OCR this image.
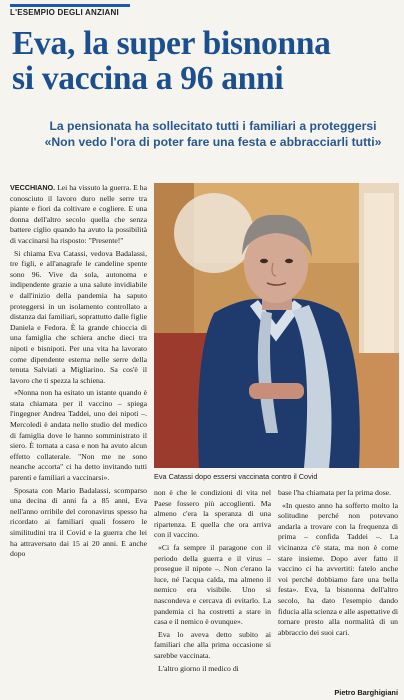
L'ESEMPIO DEGLI ANZIANI
Eva, la super bisnonna
si vaccina a 96 anni
La pensionata ha sollecitato tutti i familiari a proteggersi
«Non vedo l'ora di poter fare una festa e abbracciarli tutti»

VECCHIANO. Lei ha vissuto la guerra. E ha conosciuto il lavoro duro nelle serre tra piante e fiori da coltivare e cogliere. E una donna dell'altro secolo quella che senza battere ciglio quando ha avuto la possibilità di vaccinarsi ha risposto: "Presente!"

Si chiama Eva Catassi, vedova Badalassi, tre figli, e all'anagrafe le candeline spente sono 96. Vive da sola, autonoma e indipendente grazie a una salute invidiabile e dall'inizio della pandemia ha saputo proteggersi in un isolamento controllato a distanza dai familiari, soprattutto dalle figlie Daniela e Fedora. È la grande chioccia di una famiglia che schiera anche dieci tra nipoti e bisnipoti. Per una vita ha lavorato come dipendente esterna nelle serre della tenuta Salviati a Migliarino. Sa cos'è il lavoro che ti spezza la schiena.

«Nonna non ha esitato un istante quando è stata chiamata per il vaccino – spiega l'ingegner Andrea Taddei, uno dei nipoti –. Mercoledì è andata nello studio del medico di famiglia dove le hanno somministrato il siero. È tornata a casa e non ha avuto alcun effetto collaterale. "Non me ne sono neanche accorta" ci ha detto invitando tutti parenti e familiari a vaccinarsi».

Sposata con Mario Badalassi, scomparso una decina di anni fa a 85 anni, Eva nell'anno orribile del coronavirus spesso ha ricordato ai familiari quali fossero le similitudini tra il Covid e la guerra che lei ha attraversato dai 15 ai 20 anni. E anche dopo

Eva Catassi dopo essersi vaccinata contro il Covid

non è che le condizioni di vita nel Paese fossero più accoglienti. Ma almeno c'era la speranza di una ripartenza. E quella che ora arriva con il vaccino.

«Ci fa sempre il paragone con il periodo della guerra e il virus – prosegue il nipote –. Non c'erano la luce, né l'acqua calda, ma almeno il nemico era visibile. Uno si nascondeva e cercava di evitarlo. La pandemia ci ha costretti a stare in casa e il nemico è ovunque».

Eva lo aveva detto subito ai familiari che alla prima occasione si sarebbe vaccinata.

L'altro giorno il medico di

base l'ha chiamata per la prima dose.

«In questo anno ha sofferto molto la solitudine perché non potevano andarla a trovare con la frequenza di prima – confida Taddei –. La vicinanza c'è stata, ma non è come stare insieme. Dopo aver fatto il vaccino ci ha avvertiti: fatelo anche voi perché dobbiamo fare una bella festa». Eva, la bisnonna dell'altro secolo, ha dato l'esempio dando fiducia alla scienza e alle aspettative di tornare presto alla normalità di un abbraccio dei suoi cari.

Pietro Barghigiani
